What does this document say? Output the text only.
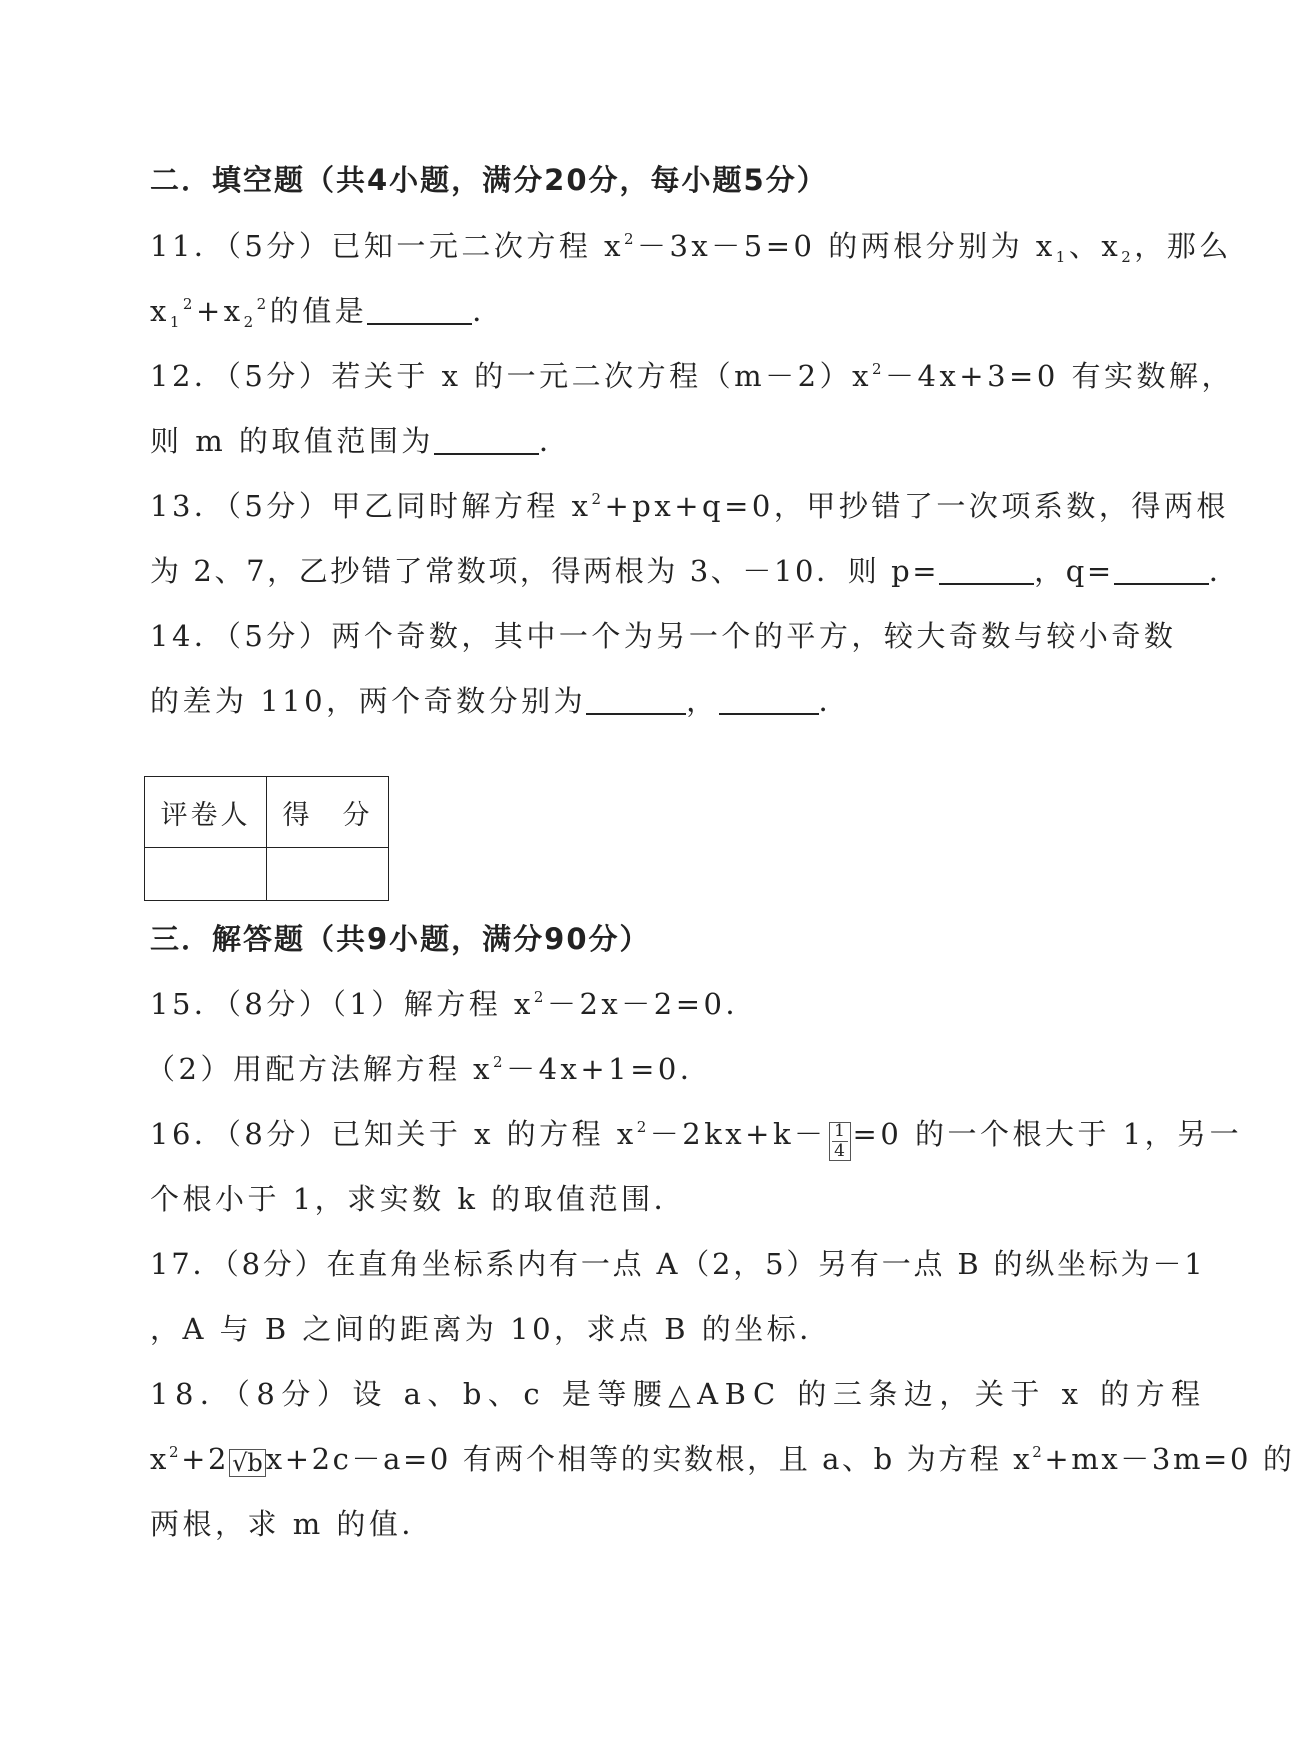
二．填空题（共4小题，满分20分，每小题5分）
11．（5分）已知一元二次方程 $x^2-3x-5=0$ 的两根分别为 $x_1$、$x_2$，那么
$x_1^2+x_2^2$的值是	．
12．（5分）若关于 x 的一元二次方程$(m-2)x^2-4x+3=0$ 有实数解，
则 m 的取值范围为	．
13．（5分）甲乙同时解方程 $x^2+px+q=0$，甲抄错了一次项系数，得两根
为 2、7，乙抄错了常数项，得两根为 3、－10．则 p=	，q=	．
14．（5分）两个奇数，其中一个为另一个的平方，较大奇数与较小奇数
的差为 110，两个奇数分别为	，	．
评卷人	得　分

三．解答题（共9小题，满分90分）
15．（8分）（1）解方程 $x^2-2x-2=0$．
（2）用配方法解方程 $x^2-4x+1=0$．
16．（8分）已知关于 x 的方程 $x^2-2kx+k- \frac{1}{4} =0$ 的一个根大于 1，另一
个根小于 1，求实数 k 的取值范围．
17．（8分）在直角坐标系内有一点 A（2，5）另有一点 B 的纵坐标为－1
，A 与 B 之间的距离为 10，求点 B 的坐标．
18．（8分）设 a、b、c 是等腰△ABC 的三条边，关于 x 的方程
$x^2+2$ √b x+2c－a=0 有两个相等的实数根，且 a、b 为方程 $x^2+mx-3m=0$ 的
两根，求 m 的值．
